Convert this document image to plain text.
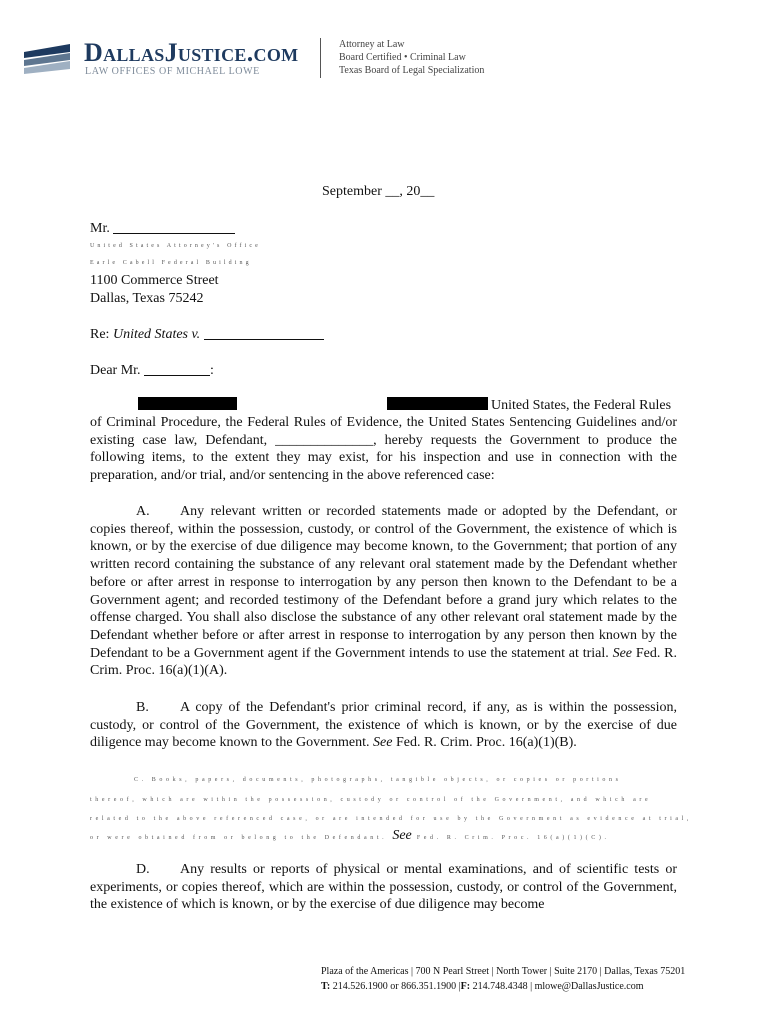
DallasJustice.com
LAW OFFICES OF MICHAEL LOWE
Attorney at Law
Board Certified • Criminal Law
Texas Board of Legal Specialization
September __, 20__
Mr.
United States Attorney's Office
Earle Cabell Federal Building
1100 Commerce Street
Dallas, Texas 75242
Re: United States v.
Dear Mr.	:
United States, the Federal Rules
of Criminal Procedure, the Federal Rules of Evidence, the United States Sentencing Guidelines and/or existing case law, Defendant, ______________, hereby requests the Government to produce the following items, to the extent they may exist, for his inspection and use in connection with the preparation, and/or trial, and/or sentencing in the above referenced case:
A. Any relevant written or recorded statements made or adopted by the Defendant, or copies thereof, within the possession, custody, or control of the Government, the existence of which is known, or by the exercise of due diligence may become known, to the Government; that portion of any written record containing the substance of any relevant oral statement made by the Defendant whether before or after arrest in response to interrogation by any person then known to the Defendant to be a Government agent; and recorded testimony of the Defendant before a grand jury which relates to the offense charged. You shall also disclose the substance of any other relevant oral statement made by the Defendant whether before or after arrest in response to interrogation by any person then known by the Defendant to be a Government agent if the Government intends to use the statement at trial. See Fed. R. Crim. Proc. 16(a)(1)(A).
B. A copy of the Defendant's prior criminal record, if any, as is within the possession, custody, or control of the Government, the existence of which is known, or by the exercise of due diligence may become known to the Government. See Fed. R. Crim. Proc. 16(a)(1)(B).
C. Books, papers, documents, photographs, tangible objects, or copies or portions
thereof, which are within the possession, custody or control of the Government, and which are
related to the above referenced case, or are intended for use by the Government as evidence at trial,
or were obtained from or belong to the Defendant. See Fed. R. Crim. Proc. 16(a)(1)(C).
D. Any results or reports of physical or mental examinations, and of scientific tests or experiments, or copies thereof, which are within the possession, custody, or control of the Government, the existence of which is known, or by the exercise of due diligence may become
Plaza of the Americas | 700 N Pearl Street | North Tower | Suite 2170 | Dallas, Texas 75201
T: 214.526.1900 or 866.351.1900 |F: 214.748.4348 | mlowe@DallasJustice.com
